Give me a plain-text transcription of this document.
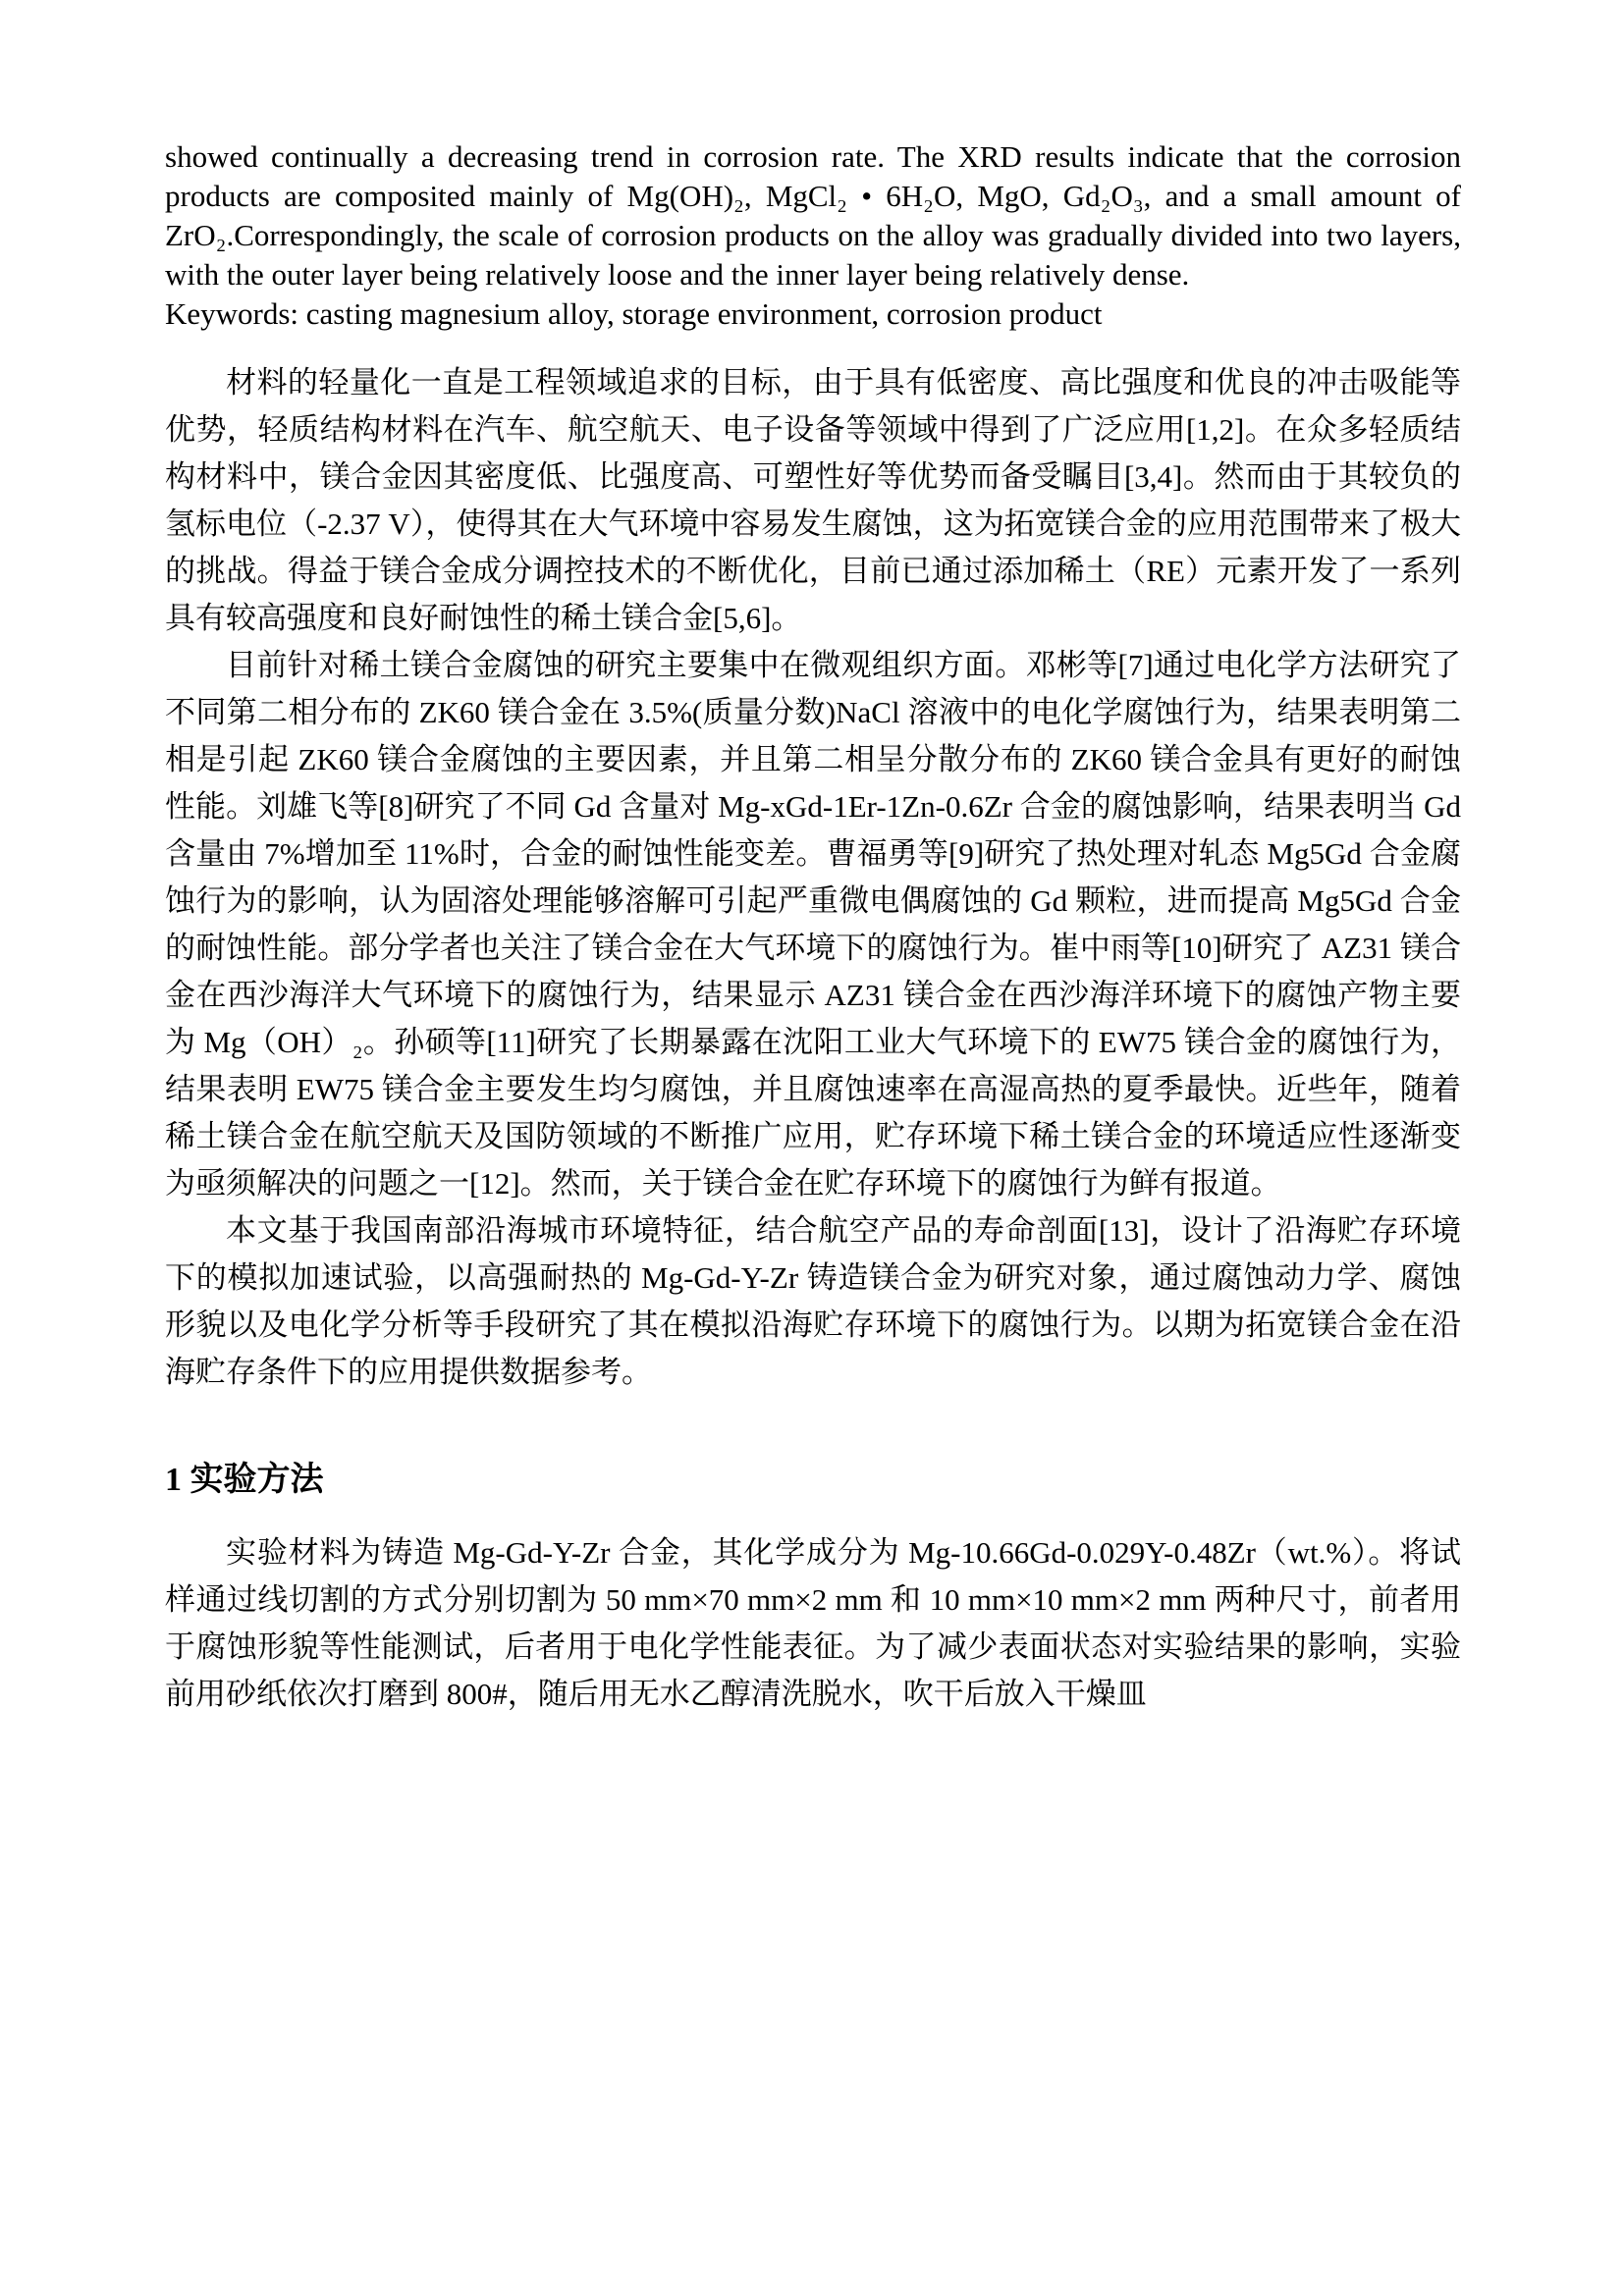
showed continually a decreasing trend in corrosion rate. The XRD results indicate that the corrosion products are composited mainly of Mg(OH)₂, MgCl₂ • 6H₂O, MgO, Gd₂O₃, and a small amount of ZrO₂.Correspondingly, the scale of corrosion products on the alloy was gradually divided into two layers, with the outer layer being relatively loose and the inner layer being relatively dense.

Keywords: casting magnesium alloy, storage environment, corrosion product

材料的轻量化一直是工程领域追求的目标，由于具有低密度、高比强度和优良的冲击吸能等优势，轻质结构材料在汽车、航空航天、电子设备等领域中得到了广泛应用[1,2]。在众多轻质结构材料中，镁合金因其密度低、比强度高、可塑性好等优势而备受瞩目[3,4]。然而由于其较负的氢标电位（-2.37 V），使得其在大气环境中容易发生腐蚀，这为拓宽镁合金的应用范围带来了极大的挑战。得益于镁合金成分调控技术的不断优化，目前已通过添加稀土（RE）元素开发了一系列具有较高强度和良好耐蚀性的稀土镁合金[5,6]。

目前针对稀土镁合金腐蚀的研究主要集中在微观组织方面。邓彬等[7]通过电化学方法研究了不同第二相分布的 ZK60 镁合金在 3.5%(质量分数)NaCl 溶液中的电化学腐蚀行为，结果表明第二相是引起 ZK60 镁合金腐蚀的主要因素，并且第二相呈分散分布的 ZK60 镁合金具有更好的耐蚀性能。刘雄飞等[8]研究了不同 Gd 含量对 Mg-xGd-1Er-1Zn-0.6Zr 合金的腐蚀影响，结果表明当 Gd 含量由 7%增加至 11%时，合金的耐蚀性能变差。曹福勇等[9]研究了热处理对轧态 Mg5Gd 合金腐蚀行为的影响，认为固溶处理能够溶解可引起严重微电偶腐蚀的 Gd 颗粒，进而提高 Mg5Gd 合金的耐蚀性能。部分学者也关注了镁合金在大气环境下的腐蚀行为。崔中雨等[10]研究了 AZ31 镁合金在西沙海洋大气环境下的腐蚀行为，结果显示 AZ31 镁合金在西沙海洋环境下的腐蚀产物主要为 Mg（OH）₂。孙硕等[11]研究了长期暴露在沈阳工业大气环境下的 EW75 镁合金的腐蚀行为，结果表明 EW75 镁合金主要发生均匀腐蚀，并且腐蚀速率在高湿高热的夏季最快。近些年，随着稀土镁合金在航空航天及国防领域的不断推广应用，贮存环境下稀土镁合金的环境适应性逐渐变为亟须解决的问题之一[12]。然而，关于镁合金在贮存环境下的腐蚀行为鲜有报道。

本文基于我国南部沿海城市环境特征，结合航空产品的寿命剖面[13]，设计了沿海贮存环境下的模拟加速试验，以高强耐热的 Mg-Gd-Y-Zr 铸造镁合金为研究对象，通过腐蚀动力学、腐蚀形貌以及电化学分析等手段研究了其在模拟沿海贮存环境下的腐蚀行为。以期为拓宽镁合金在沿海贮存条件下的应用提供数据参考。

1 实验方法

实验材料为铸造 Mg-Gd-Y-Zr 合金，其化学成分为 Mg-10.66Gd-0.029Y-0.48Zr（wt.%）。将试样通过线切割的方式分别切割为 50 mm×70 mm×2 mm 和 10 mm×10 mm×2 mm 两种尺寸，前者用于腐蚀形貌等性能测试，后者用于电化学性能表征。为了减少表面状态对实验结果的影响，实验前用砂纸依次打磨到 800#，随后用无水乙醇清洗脱水，吹干后放入干燥皿
